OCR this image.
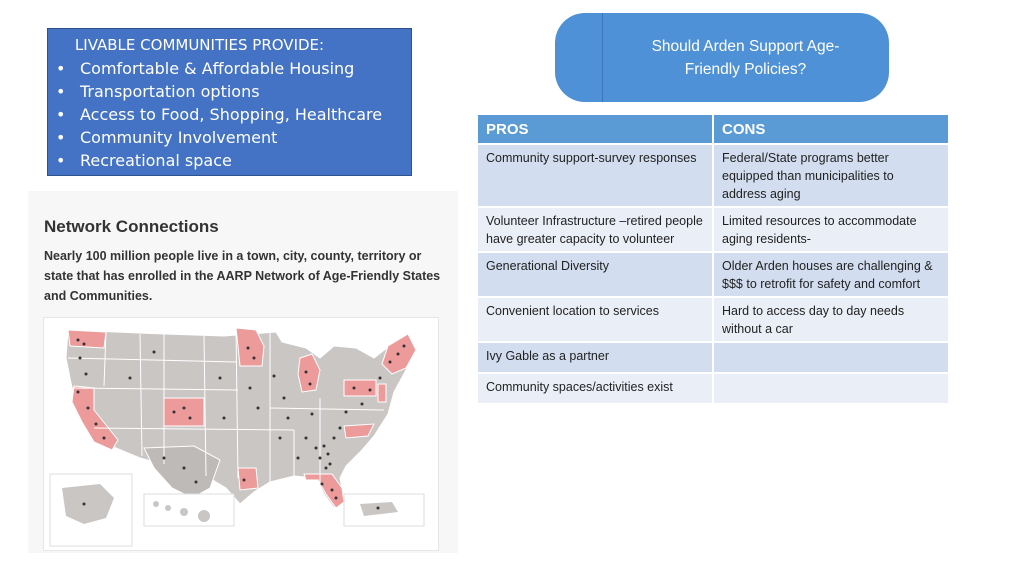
LIVABLE COMMUNITIES PROVIDE:
• Comfortable & Affordable Housing
• Transportation options
• Access to Food, Shopping, Healthcare
• Community Involvement
• Recreational space
Should Arden Support Age-
Friendly Policies?
Network Connections
Nearly 100 million people live in a town, city, county, territory or state that has enrolled in the AARP Network of Age-Friendly States and Communities.
PROS	CONS
Community support-survey responses	Federal/State programs better equipped than municipalities to address aging
Volunteer Infrastructure –retired people have greater capacity to volunteer	Limited resources to accommodate aging residents-
Generational Diversity	Older Arden houses are challenging & $$$ to retrofit for safety and comfort
Convenient location to services	Hard to access day to day needs without a car
Ivy Gable as a partner	
Community spaces/activities exist	
